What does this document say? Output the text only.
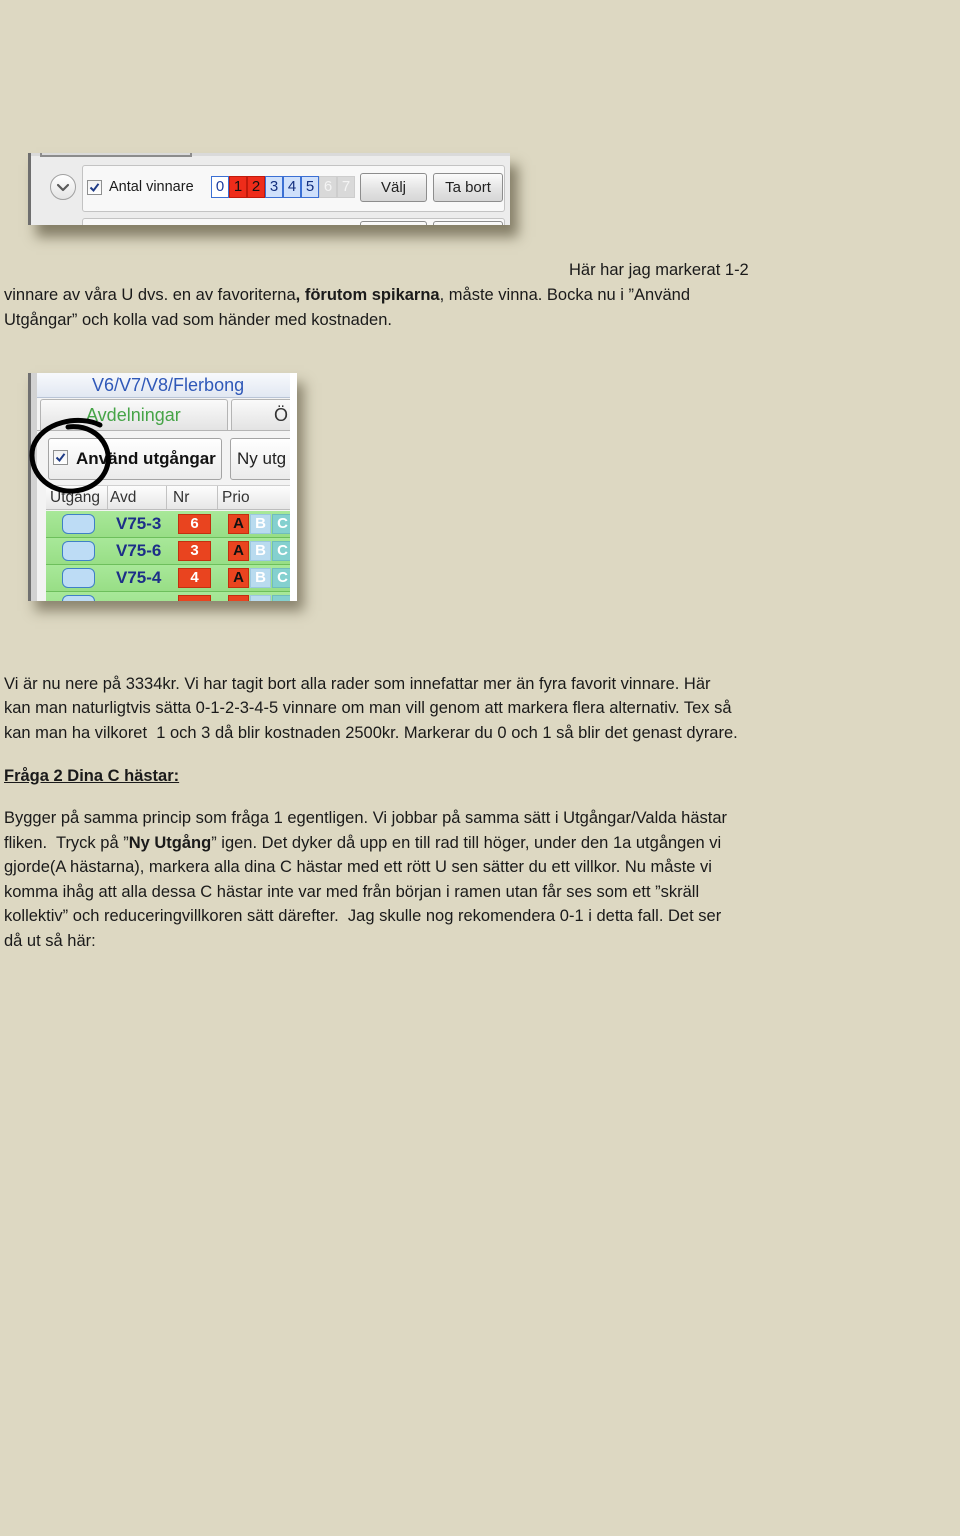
Antal vinnare	0 1 2 3 4 5 6 7	Välj	Ta bort
Här har jag markerat 1-2
vinnare av våra U dvs. en av favoriterna, förutom spikarna, måste vinna. Bocka nu i ”Använd
Utgångar” och kolla vad som händer med kostnaden.
V6/V7/V8/Flerbong
Avdelningar	Ö
Använd utgångar Ny utg
Utgång Avd Nr Prio
V75-3	6	A B C
V75-6	3	A B C
V75-4	4	A B C
Vi är nu nere på 3334kr. Vi har tagit bort alla rader som innefattar mer än fyra favorit vinnare. Här
kan man naturligtvis sätta 0-1-2-3-4-5 vinnare om man vill genom att markera flera alternativ. Tex så
kan man ha vilkoret  1 och 3 då blir kostnaden 2500kr. Markerar du 0 och 1 så blir det genast dyrare.
Fråga 2 Dina C hästar:
Bygger på samma princip som fråga 1 egentligen. Vi jobbar på samma sätt i Utgångar/Valda hästar
fliken.  Tryck på ”Ny Utgång” igen. Det dyker då upp en till rad till höger, under den 1a utgången vi
gjorde(A hästarna), markera alla dina C hästar med ett rött U sen sätter du ett villkor. Nu måste vi
komma ihåg att alla dessa C hästar inte var med från början i ramen utan får ses som ett ”skräll
kollektiv” och reduceringvillkoren sätt därefter.  Jag skulle nog rekomendera 0-1 i detta fall. Det ser
då ut så här:
